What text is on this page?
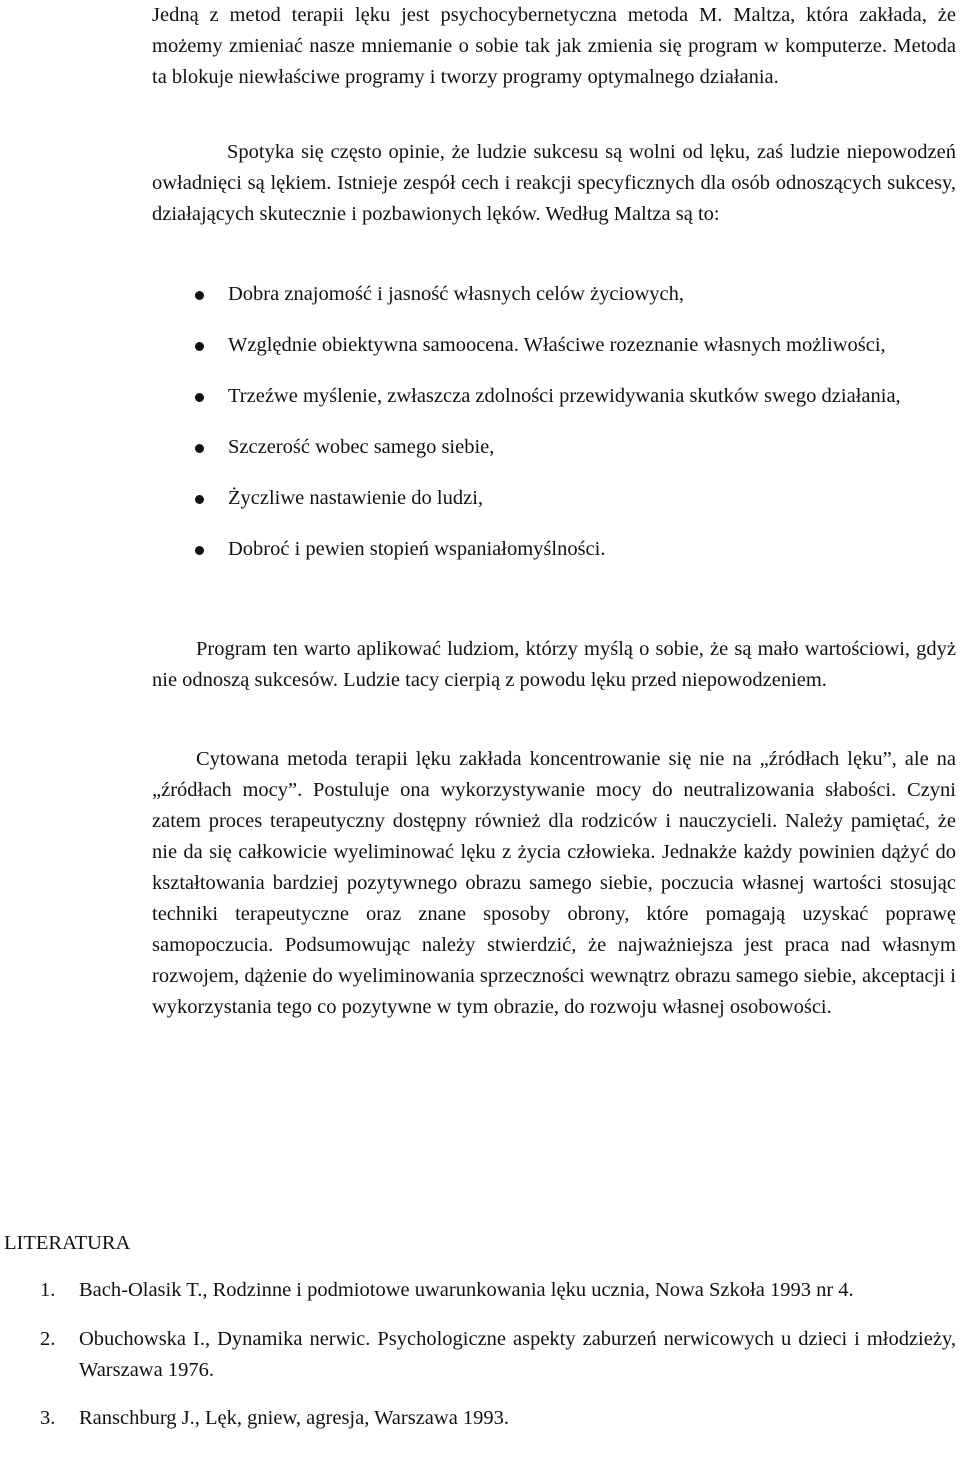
Jedną z metod terapii lęku jest psychocybernetyczna metoda M. Maltza, która zakłada, że możemy zmieniać nasze mniemanie o sobie tak jak zmienia się program w komputerze. Metoda ta blokuje niewłaściwe programy i tworzy programy optymalnego działania.

Spotyka się często opinie, że ludzie sukcesu są wolni od lęku, zaś ludzie niepowodzeń owładnięci są lękiem. Istnieje zespół cech i reakcji specyficznych dla osób odnoszących sukcesy, działających skutecznie i pozbawionych lęków. Według Maltza są to:

Dobra znajomość i jasność własnych celów życiowych,
Względnie obiektywna samoocena. Właściwe rozeznanie własnych możliwości,
Trzeźwe myślenie, zwłaszcza zdolności przewidywania skutków swego działania,
Szczerość wobec samego siebie,
Życzliwe nastawienie do ludzi,
Dobroć i pewien stopień wspaniałomyślności.

Program ten warto aplikować ludziom, którzy myślą o sobie, że są mało wartościowi, gdyż nie odnoszą sukcesów. Ludzie tacy cierpią z powodu lęku przed niepowodzeniem.

Cytowana metoda terapii lęku zakłada koncentrowanie się nie na „źródłach lęku”, ale na „źródłach mocy”. Postuluje ona wykorzystywanie mocy do neutralizowania słabości. Czyni zatem proces terapeutyczny dostępny również dla rodziców i nauczycieli. Należy pamiętać, że nie da się całkowicie wyeliminować lęku z życia człowieka. Jednakże każdy powinien dążyć do kształtowania bardziej pozytywnego obrazu samego siebie, poczucia własnej wartości stosując techniki terapeutyczne oraz znane sposoby obrony, które pomagają uzyskać poprawę samopoczucia. Podsumowując należy stwierdzić, że najważniejsza jest praca nad własnym rozwojem, dążenie do wyeliminowania sprzeczności wewnątrz obrazu samego siebie, akceptacji i wykorzystania tego co pozytywne w tym obrazie, do rozwoju własnej osobowości.

LITERATURA
1. Bach-Olasik T., Rodzinne i podmiotowe uwarunkowania lęku ucznia, Nowa Szkoła 1993 nr 4.
2. Obuchowska I., Dynamika nerwic. Psychologiczne aspekty zaburzeń nerwicowych u dzieci i młodzieży, Warszawa 1976.
3. Ranschburg J., Lęk, gniew, agresja, Warszawa 1993.
